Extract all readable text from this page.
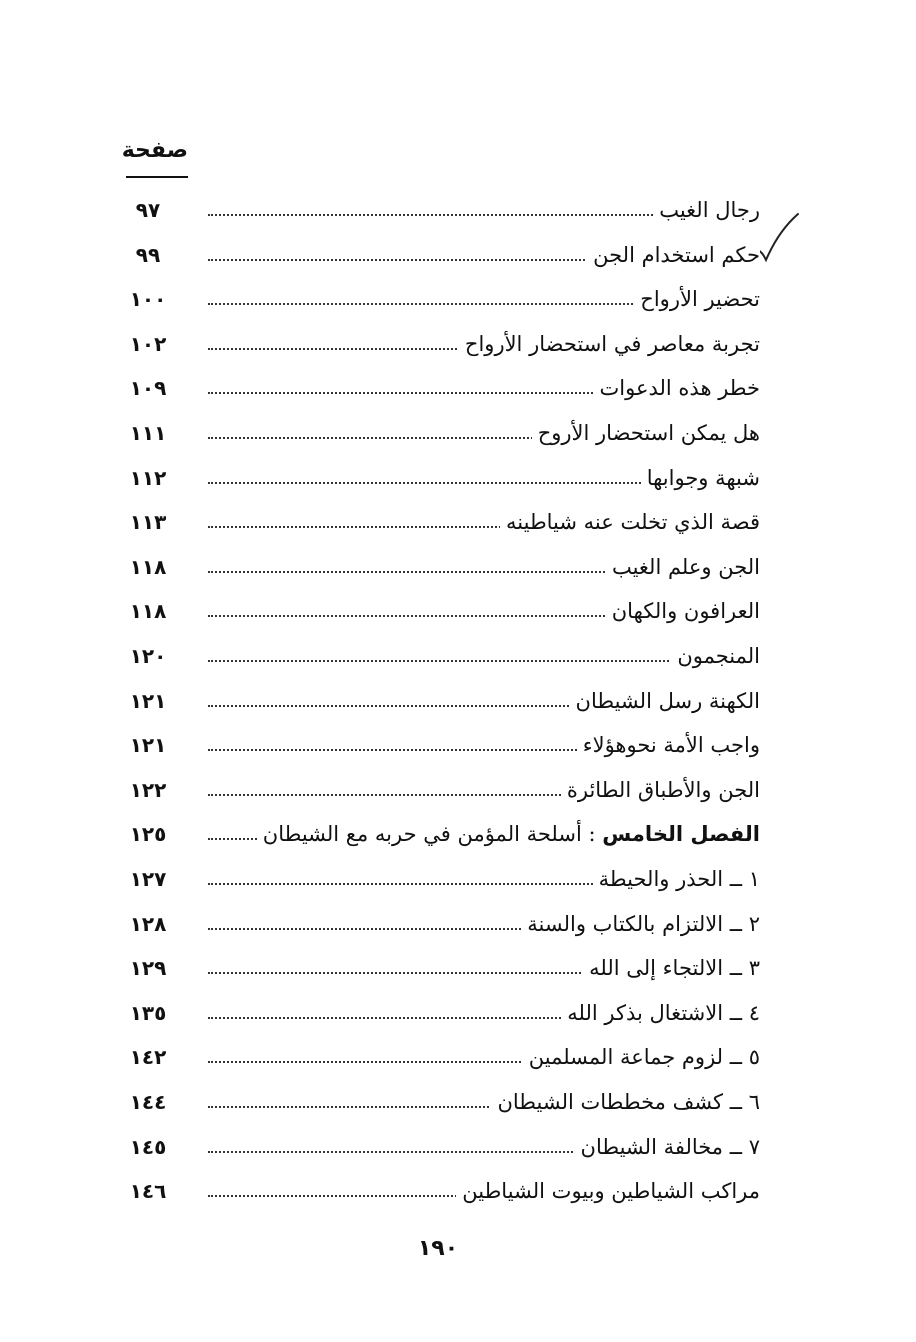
صفحة
رجال الغيب
٩٧
حكم استخدام الجن
٩٩
تحضير الأرواح
١٠٠
تجربة معاصر في استحضار الأرواح
١٠٢
خطر هذه الدعوات
١٠٩
هل يمكن استحضار الأروح
١١١
شبهة وجوابها
١١٢
قصة الذي تخلت عنه شياطينه
١١٣
الجن وعلم الغيب
١١٨
العرافون والكهان
١١٨
المنجمون
١٢٠
الكهنة رسل الشيطان
١٢١
واجب الأمة نحوهؤلاء
١٢١
الجن والأطباق الطائرة
١٢٢
الفصل الخامس : أسلحة المؤمن في حربه مع الشيطان
١٢٥
١ ــ الحذر والحيطة
١٢٧
٢ ــ الالتزام بالكتاب والسنة
١٢٨
٣ ــ الالتجاء إلى الله
١٢٩
٤ ــ الاشتغال بذكر الله
١٣٥
٥ ــ لزوم جماعة المسلمين
١٤٢
٦ ــ كشف مخططات الشيطان
١٤٤
٧ ــ مخالفة الشيطان
١٤٥
مراكب الشياطين وبيوت الشياطين
١٤٦
١٩٠
